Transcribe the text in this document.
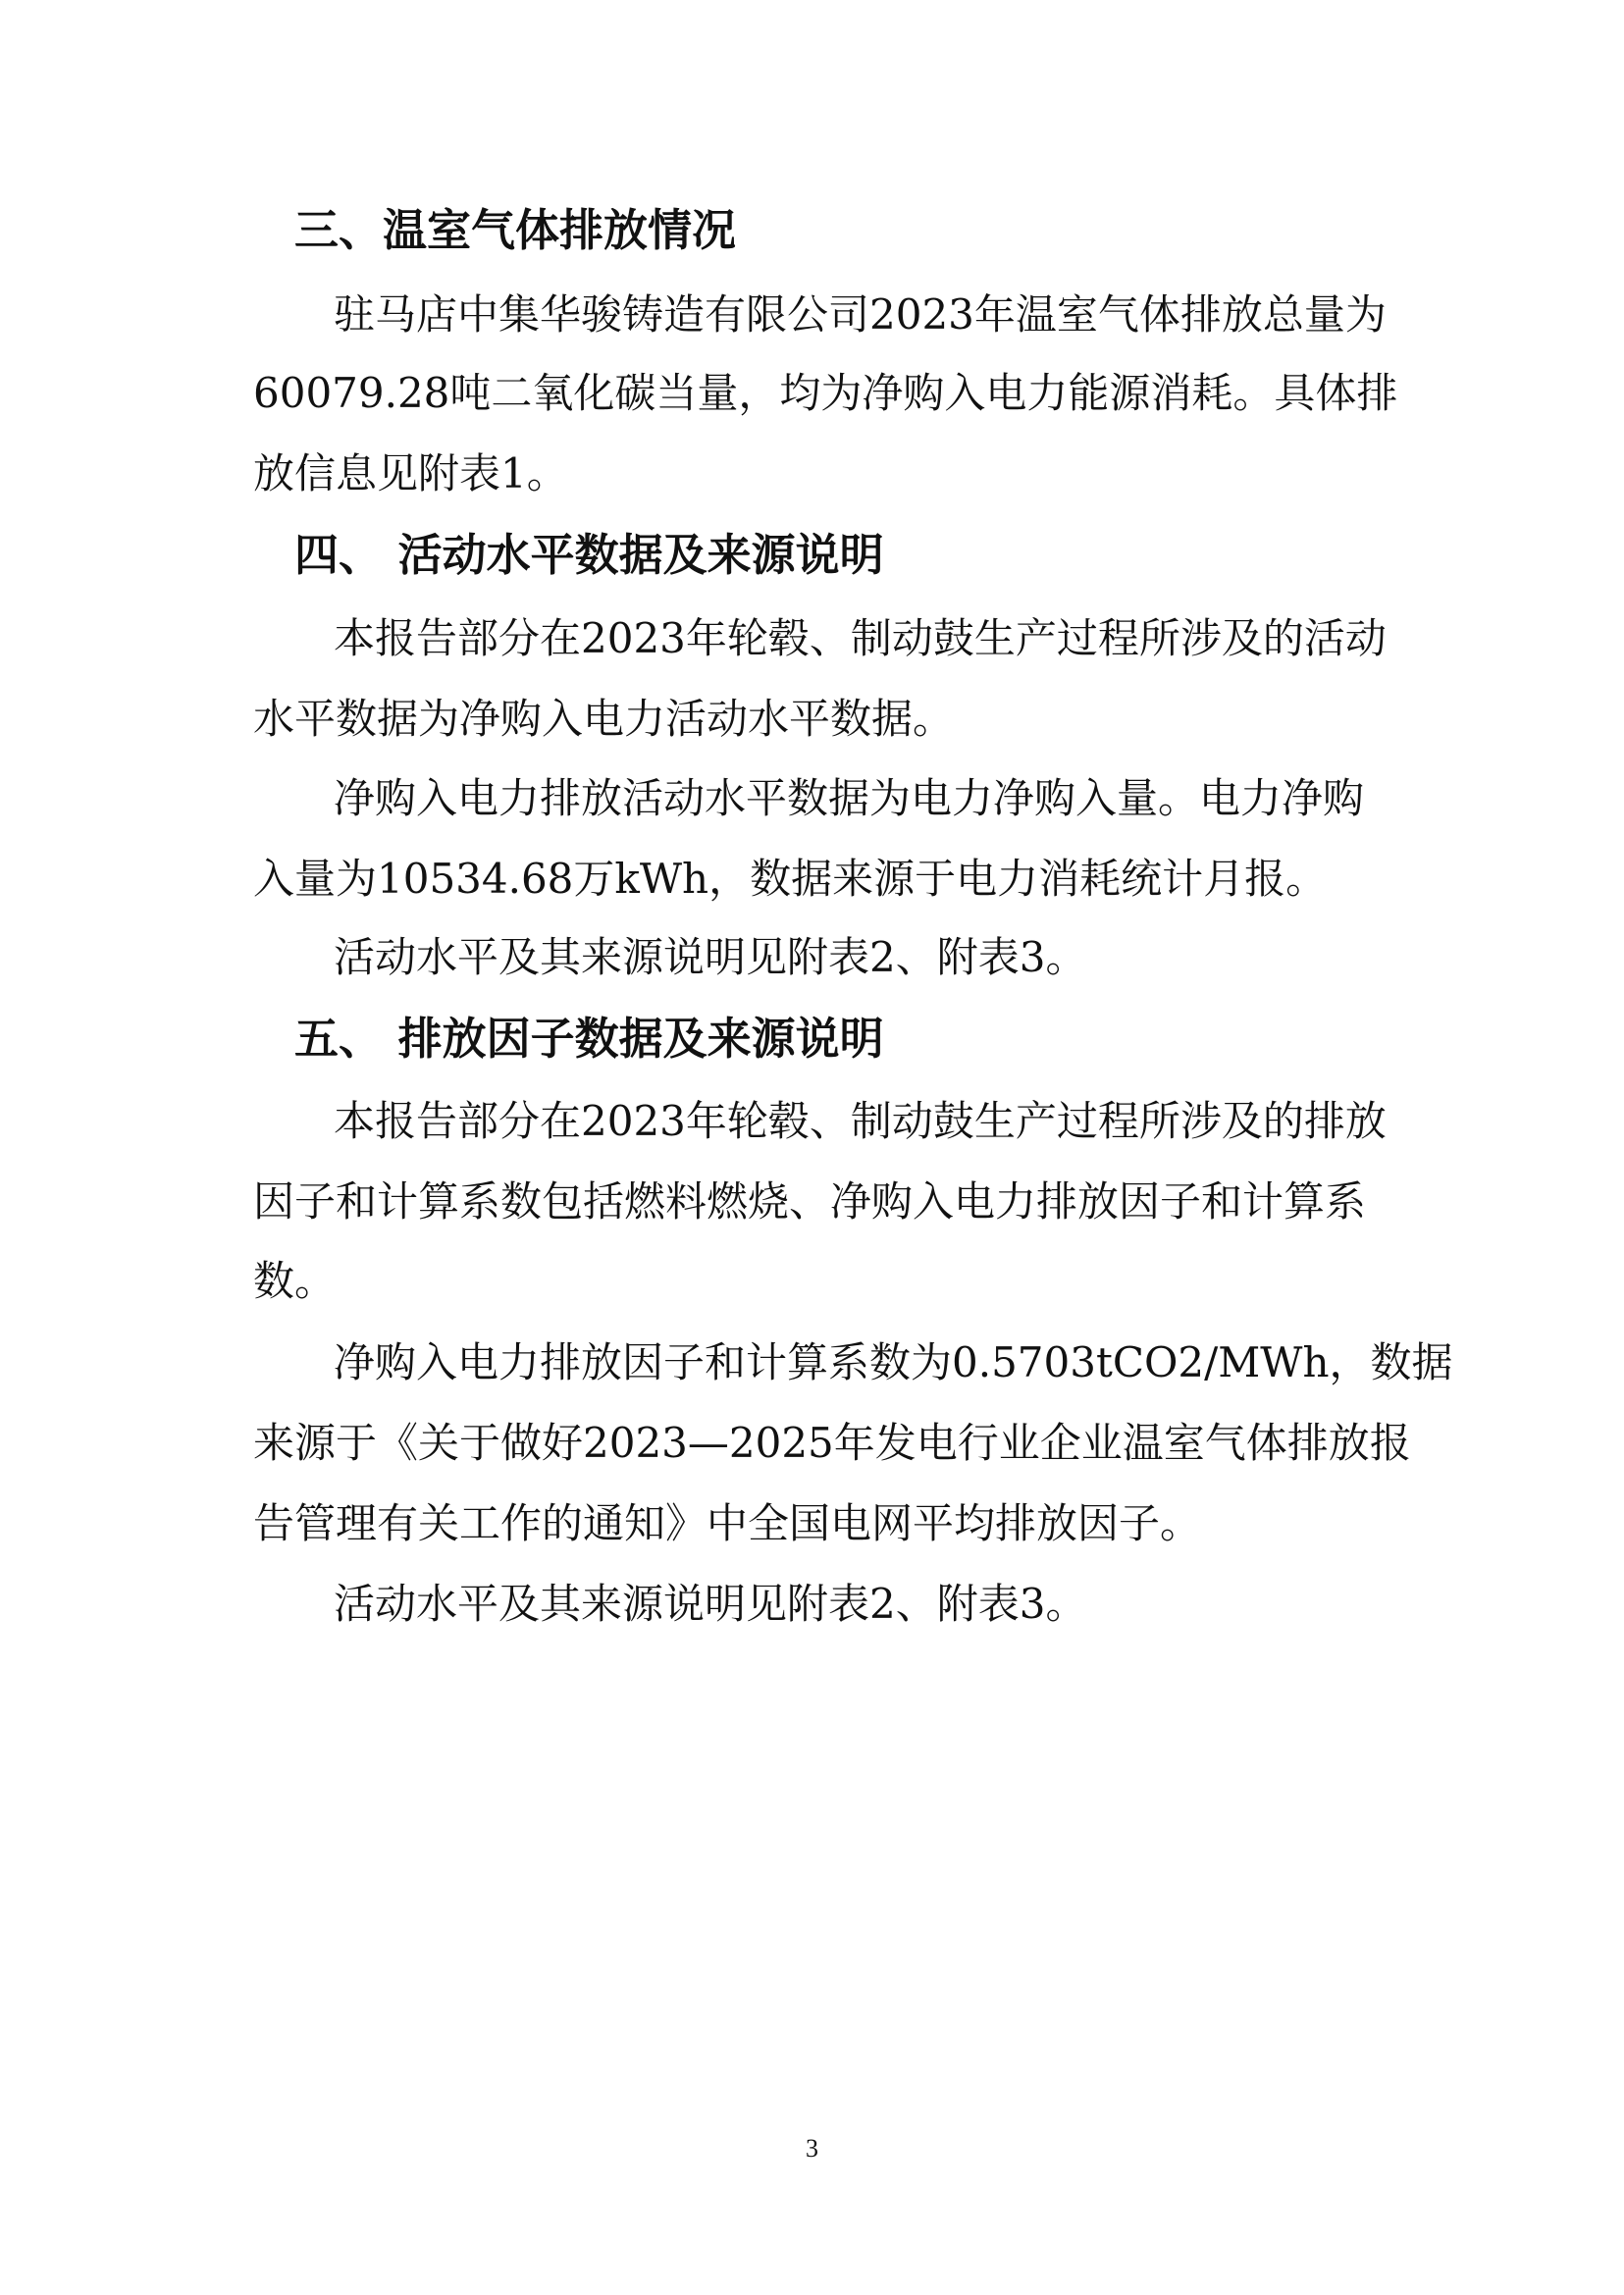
三、温室气体排放情况
驻马店中集华骏铸造有限公司2023年温室气体排放总量为
60079.28吨二氧化碳当量，均为净购入电力能源消耗。具体排
放信息见附表1。
四、 活动水平数据及来源说明
本报告部分在2023年轮毂、制动鼓生产过程所涉及的活动
水平数据为净购入电力活动水平数据。
净购入电力排放活动水平数据为电力净购入量。电力净购
入量为10534.68万kWh，数据来源于电力消耗统计月报。
活动水平及其来源说明见附表2、附表3。
五、 排放因子数据及来源说明
本报告部分在2023年轮毂、制动鼓生产过程所涉及的排放
因子和计算系数包括燃料燃烧、净购入电力排放因子和计算系
数。
净购入电力排放因子和计算系数为0.5703tCO2/MWh，数据
来源于《关于做好2023—2025年发电行业企业温室气体排放报
告管理有关工作的通知》中全国电网平均排放因子。
活动水平及其来源说明见附表2、附表3。
3
